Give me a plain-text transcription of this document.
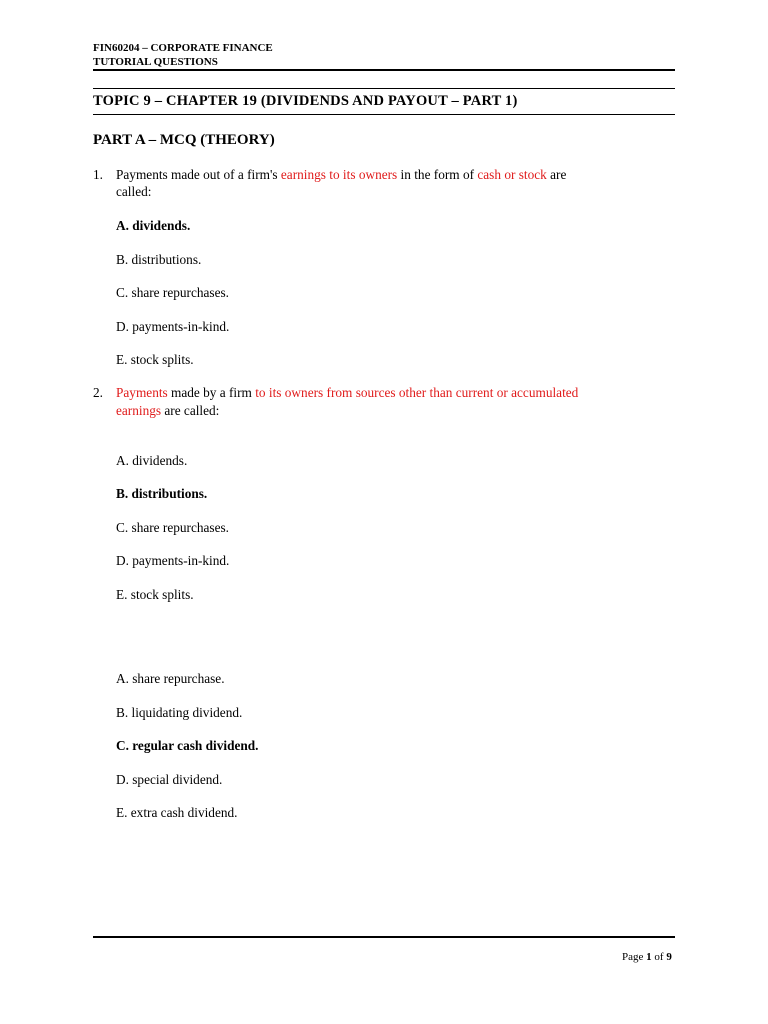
FIN60204 – CORPORATE FINANCE
TUTORIAL QUESTIONS
TOPIC 9 – CHAPTER 19 (DIVIDENDS AND PAYOUT – PART 1)
PART A – MCQ (THEORY)
1. Payments made out of a firm's earnings to its owners in the form of cash or stock are
called:
A. dividends.
B. distributions.
C. share repurchases.
D. payments-in-kind.
E. stock splits.
2. Payments made by a firm to its owners from sources other than current or accumulated
earnings are called:
A. dividends.
B. distributions.
C. share repurchases.
D. payments-in-kind.
E. stock splits.
A. share repurchase.
B. liquidating dividend.
C. regular cash dividend.
D. special dividend.
E. extra cash dividend.
Page 1 of 9
